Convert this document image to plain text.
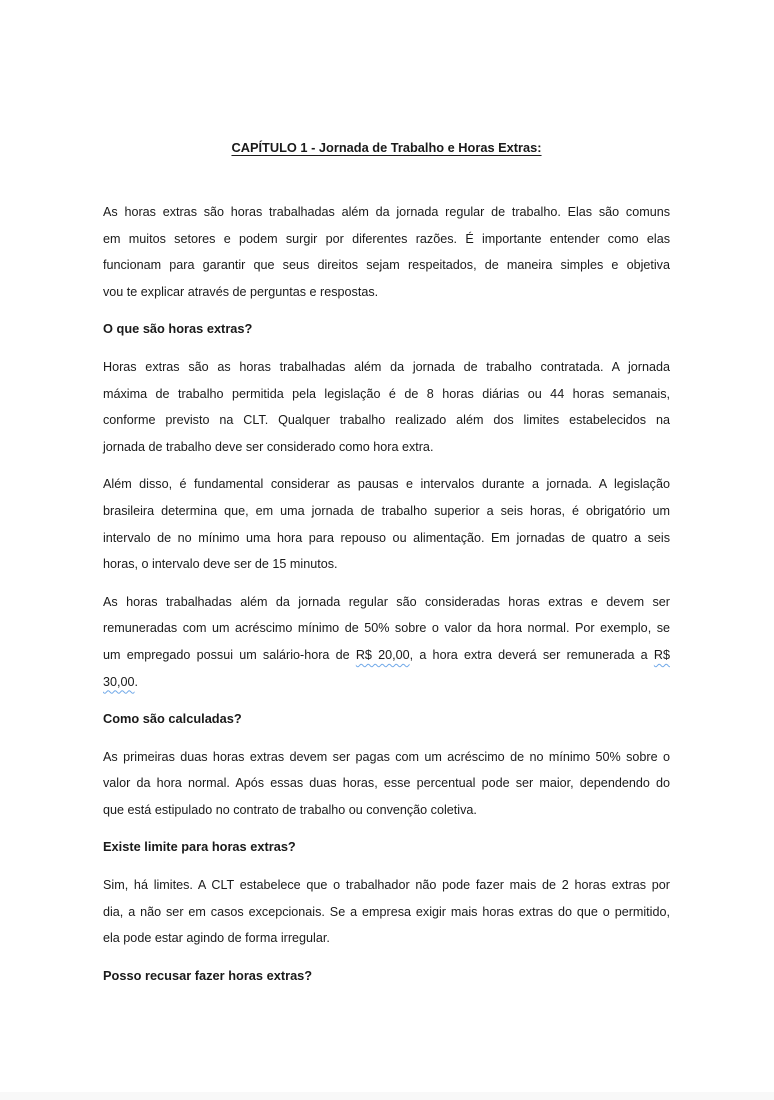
CAPÍTULO 1 - Jornada de Trabalho e Horas Extras:
As horas extras são horas trabalhadas além da jornada regular de trabalho. Elas são comuns
em muitos setores e podem surgir por diferentes razões. É importante entender como elas
funcionam para garantir que seus direitos sejam respeitados, de maneira simples e objetiva
vou te explicar através de perguntas e respostas.
O que são horas extras?
Horas extras são as horas trabalhadas além da jornada de trabalho contratada. A jornada
máxima de trabalho permitida pela legislação é de 8 horas diárias ou 44 horas semanais,
conforme previsto na CLT. Qualquer trabalho realizado além dos limites estabelecidos na
jornada de trabalho deve ser considerado como hora extra.
Além disso, é fundamental considerar as pausas e intervalos durante a jornada. A legislação
brasileira determina que, em uma jornada de trabalho superior a seis horas, é obrigatório um
intervalo de no mínimo uma hora para repouso ou alimentação. Em jornadas de quatro a seis
horas, o intervalo deve ser de 15 minutos.
As horas trabalhadas além da jornada regular são consideradas horas extras e devem ser
remuneradas com um acréscimo mínimo de 50% sobre o valor da hora normal. Por exemplo, se
um empregado possui um salário-hora de R$ 20,00, a hora extra deverá ser remunerada a R$
30,00.
Como são calculadas?
As primeiras duas horas extras devem ser pagas com um acréscimo de no mínimo 50% sobre o
valor da hora normal. Após essas duas horas, esse percentual pode ser maior, dependendo do
que está estipulado no contrato de trabalho ou convenção coletiva.
Existe limite para horas extras?
Sim, há limites. A CLT estabelece que o trabalhador não pode fazer mais de 2 horas extras por
dia, a não ser em casos excepcionais. Se a empresa exigir mais horas extras do que o permitido,
ela pode estar agindo de forma irregular.
Posso recusar fazer horas extras?
